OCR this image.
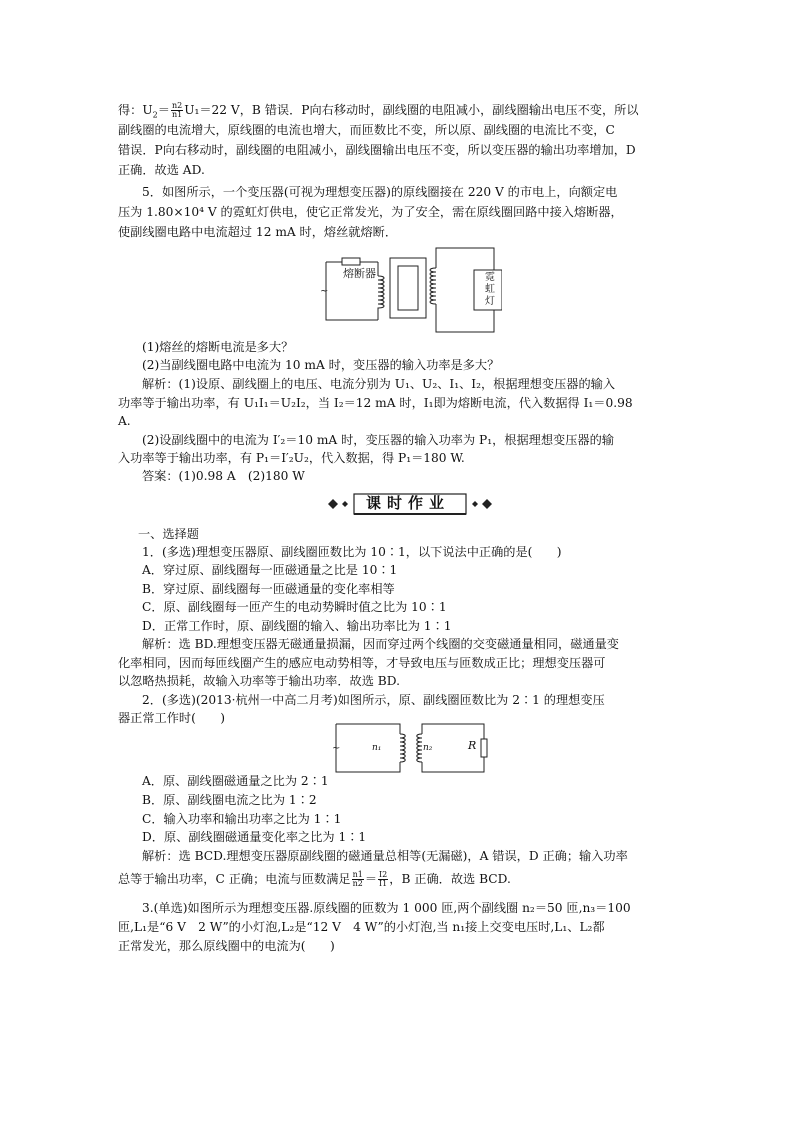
得：$U_2= \frac{n2}{n1} U_1=22$ V，B 错误．P向右移动时，副线圈的电阻减小，副线圈输出电压不变，所以
副线圈的电流增大，原线圈的电流也增大，而匝数比不变，所以原、副线圈的电流比不变，C
错误．P向右移动时，副线圈的电阻减小，副线圈输出电压不变，所以变压器的输出功率增加，D
正确．故选 AD.
5．如图所示，一个变压器(可视为理想变压器)的原线圈接在 220 V 的市电上，向额定电
压为 1.80×10⁴ V 的霓虹灯供电，使它正常发光，为了安全，需在原线圈回路中接入熔断器，
使副线圈电路中电流超过 12 mA 时，熔丝就熔断．
~
熔断器	霓虹灯
(1)熔丝的熔断电流是多大？
(2)当副线圈电路中电流为 10 mA 时，变压器的输入功率是多大？
解析：(1)设原、副线圈上的电压、电流分别为 U₁、U₂、I₁、I₂，根据理想变压器的输入
功率等于输出功率，有 U₁I₁＝U₂I₂，当 I₂＝12 mA 时，I₁即为熔断电流，代入数据得 I₁＝0.98
A.
(2)设副线圈中的电流为 I′₂＝10 mA 时，变压器的输入功率为 P₁，根据理想变压器的输
入功率等于输出功率，有 P₁＝I′₂U₂，代入数据，得 P₁＝180 W.
答案：(1)0.98 A　(2)180 W
课时作业
一、选择题
1．(多选)理想变压器原、副线圈匝数比为 10∶1，以下说法中正确的是(　　)
A．穿过原、副线圈每一匝磁通量之比是 10∶1
B．穿过原、副线圈每一匝磁通量的变化率相等
C．原、副线圈每一匝产生的电动势瞬时值之比为 10∶1
D．正常工作时，原、副线圈的输入、输出功率比为 1∶1
解析：选 BD.理想变压器无磁通量损漏，因而穿过两个线圈的交变磁通量相同，磁通量变
化率相同，因而每匝线圈产生的感应电动势相等，才导致电压与匝数成正比；理想变压器可
以忽略热损耗，故输入功率等于输出功率．故选 BD.
2．(多选)(2013·杭州一中高二月考)如图所示，原、副线圈匝数比为 2∶1 的理想变压
器正常工作时(　　)
~	n₁	n₂	R
A．原、副线圈磁通量之比为 2∶1
B．原、副线圈电流之比为 1∶2
C．输入功率和输出功率之比为 1∶1
D．原、副线圈磁通量变化率之比为 1∶1
解析：选 BCD.理想变压器原副线圈的磁通量总相等(无漏磁)，A 错误，D 正确；输入功率
总等于输出功率，C 正确；电流与匝数满足 $\frac{n1}{n2} = \frac{I2}{I1}$ ，B 正确．故选 BCD.
3.(单选)如图所示为理想变压器.原线圈的匝数为 1 000 匝,两个副线圈 n₂＝50 匝,n₃＝100
匝,L₁是“6 V　2 W”的小灯泡,L₂是“12 V　4 W”的小灯泡,当 n₁接上交变电压时,L₁、L₂都
正常发光，那么原线圈中的电流为(　　)
